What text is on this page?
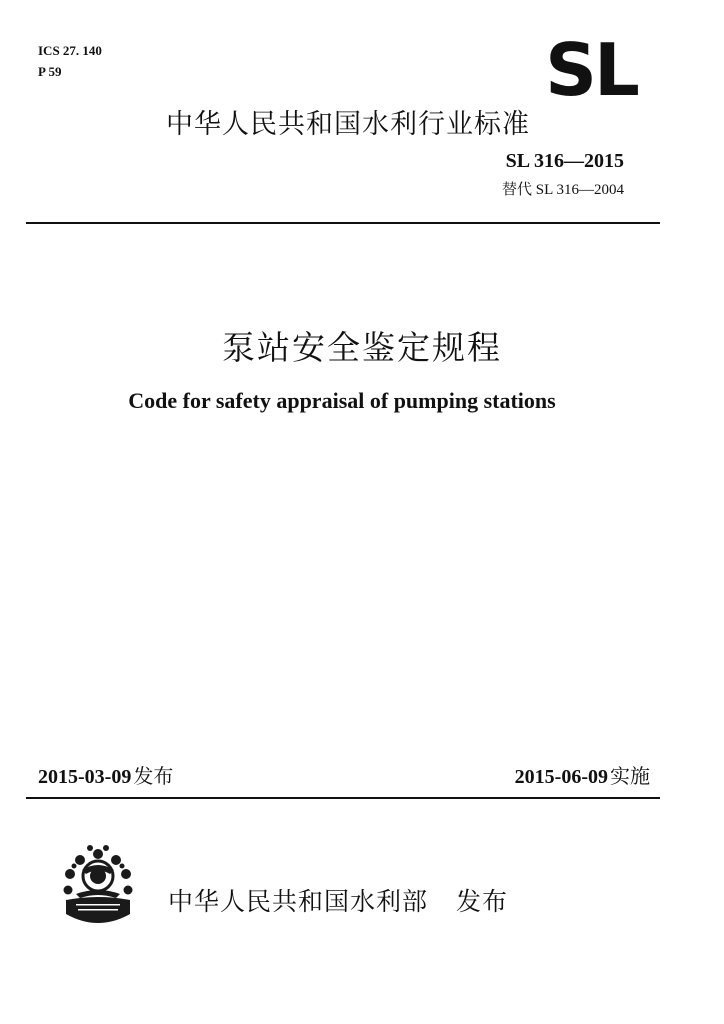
ICS 27. 140
P 59	SL
中华人民共和国水利行业标准
SL 316—2015
替代 SL 316—2004
泵站安全鉴定规程
Code for safety appraisal of pumping stations
2015-03-09 发布	2015-06-09 实施
中华人民共和国水利部 发布
